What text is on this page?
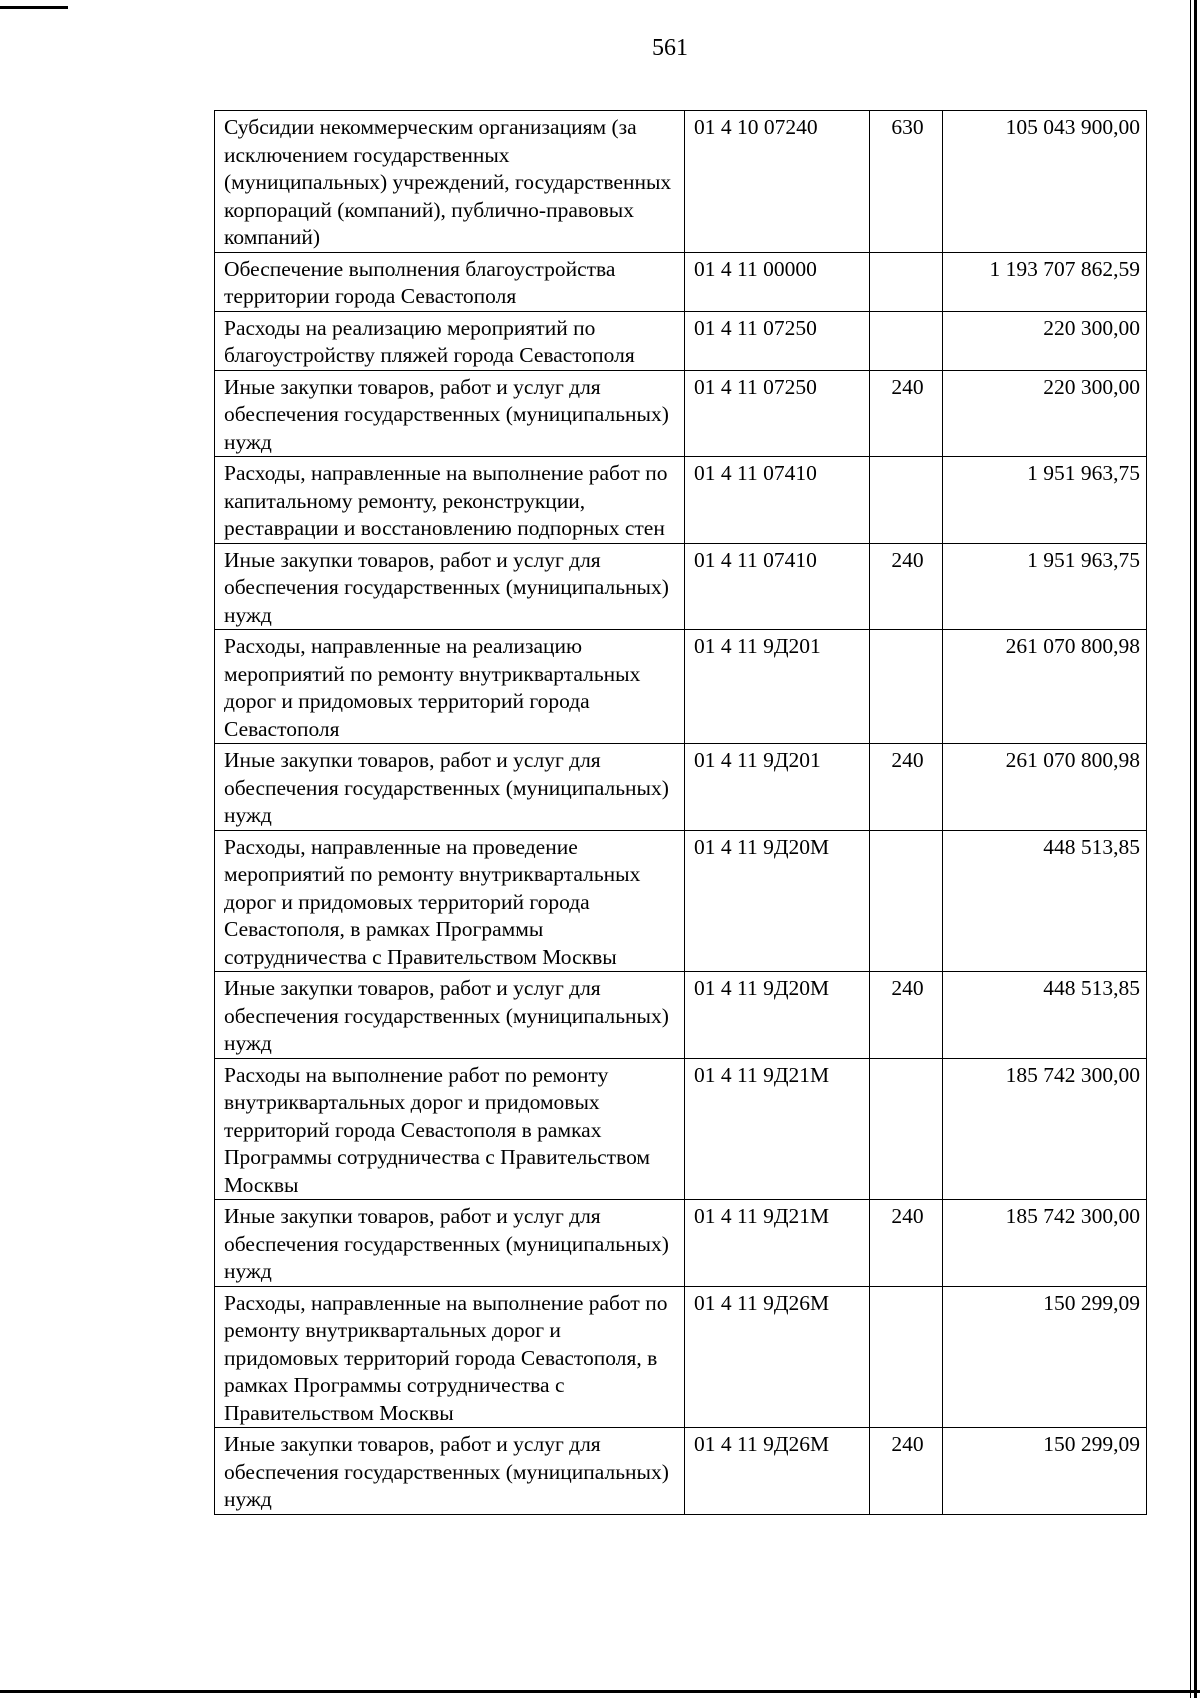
561
Субсидии некоммерческим организациям (за исключением государственных (муниципальных) учреждений, государственных корпораций (компаний), публично-правовых компаний)	01 4 10 07240	630	105 043 900,00
Обеспечение выполнения благоустройства территории города Севастополя	01 4 11 00000		1 193 707 862,59
Расходы на реализацию мероприятий по благоустройству пляжей города Севастополя	01 4 11 07250		220 300,00
Иные закупки товаров, работ и услуг для обеспечения государственных (муниципальных) нужд	01 4 11 07250	240	220 300,00
Расходы, направленные на выполнение работ по капитальному ремонту, реконструкции, реставрации и восстановлению подпорных стен	01 4 11 07410		1 951 963,75
Иные закупки товаров, работ и услуг для обеспечения государственных (муниципальных) нужд	01 4 11 07410	240	1 951 963,75
Расходы, направленные на реализацию мероприятий по ремонту внутриквартальных дорог и придомовых территорий города Севастополя	01 4 11 9Д201		261 070 800,98
Иные закупки товаров, работ и услуг для обеспечения государственных (муниципальных) нужд	01 4 11 9Д201	240	261 070 800,98
Расходы, направленные на проведение мероприятий по ремонту внутриквартальных дорог и придомовых территорий города Севастополя, в рамках Программы сотрудничества с Правительством Москвы	01 4 11 9Д20М		448 513,85
Иные закупки товаров, работ и услуг для обеспечения государственных (муниципальных) нужд	01 4 11 9Д20М	240	448 513,85
Расходы на выполнение работ по ремонту внутриквартальных дорог и придомовых территорий города Севастополя в рамках Программы сотрудничества с Правительством Москвы	01 4 11 9Д21М		185 742 300,00
Иные закупки товаров, работ и услуг для обеспечения государственных (муниципальных) нужд	01 4 11 9Д21М	240	185 742 300,00
Расходы, направленные на выполнение работ по ремонту внутриквартальных дорог и придомовых территорий города Севастополя, в рамках Программы сотрудничества с Правительством Москвы	01 4 11 9Д26М		150 299,09
Иные закупки товаров, работ и услуг для обеспечения государственных (муниципальных) нужд	01 4 11 9Д26М	240	150 299,09
